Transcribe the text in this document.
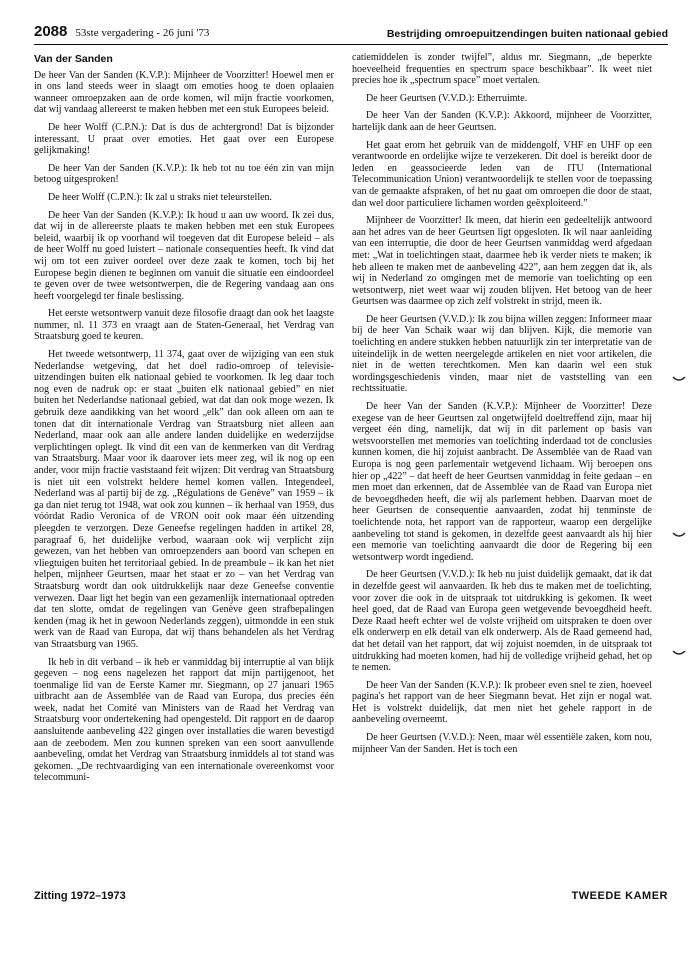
2088 53ste vergadering - 26 juni '73	Bestrijding omroepuitzendingen buiten nationaal gebied
Van der Sanden

De heer Van der Sanden (K.V.P.): Mijnheer de Voorzitter! Hoewel men er in ons land steeds weer in slaagt om emoties hoog te doen oplaaien wanneer omroepzaken aan de orde komen, wil mijn fractie voorkomen, dat wij vandaag allereerst te maken hebben met een stuk Europees beleid.

De heer Wolff (C.P.N.): Dat is dus de achtergrond! Dat is bijzonder interessant. U praat over emoties. Het gaat over een Europese gelijkmaking!

De heer Van der Sanden (K.V.P.): Ik heb tot nu toe één zin van mijn betoog uitgesproken!

De heer Wolff (C.P.N.): Ik zal u straks niet teleurstellen.

De heer Van der Sanden (K.V.P.): Ik houd u aan uw woord. Ik zei dus, dat wij in de allereerste plaats te maken hebben met een stuk Europees beleid, waarbij ik op voorhand wil toegeven dat dit Europese beleid – als de heer Wolff nu goed luistert – nationale consequenties heeft. Ik vind dat wij om tot een zuiver oordeel over deze zaak te komen, toch bij het Europese begin dienen te beginnen om vanuit die situatie een eindoordeel te geven over de twee wetsontwerpen, die de Regering vandaag aan ons heeft voorgelegd ter finale beslissing.

Het eerste wetsontwerp vanuit deze filosofie draagt dan ook het laagste nummer, nl. 11 373 en vraagt aan de Staten-Generaal, het Verdrag van Straatsburg goed te keuren.

Het tweede wetsontwerp, 11 374, gaat over de wijziging van een stuk Nederlandse wetgeving, dat het doel radio-omroep of televisie-uitzendingen buiten elk nationaal gebied te voorkomen. Ik leg daar toch nog even de nadruk op: er staat „buiten elk nationaal gebied” en niet buiten het Nederlandse nationaal gebied, wat dat dan ook moge wezen. Ik gebruik deze aandikking van het woord „elk” dan ook alleen om aan te tonen dat dit internationale Verdrag van Straatsburg niet alleen aan Nederland, maar ook aan alle andere landen duidelijke en wederzijdse verplichtingen oplegt. Ik vind dit een van de kenmerken van dit Verdrag van Straatsburg. Maar voor ik daarover iets meer zeg, wil ik nog op een ander, voor mijn fractie vaststaand feit wijzen: Dit verdrag van Straatsburg is niet uit een volstrekt heldere hemel komen vallen. Integendeel, Nederland was al partij bij de zg. „Régulations de Genève” van 1959 – ik ga dan niet terug tot 1948, wat ook zou kunnen – ik herhaal van 1959, dus vóórdat Radio Veronica of de VRON ooit ook maar één uitzending pleegden te verzorgen. Deze Geneefse regelingen hadden in artikel 28, paragraaf 6, het duidelijke verbod, waaraan ook wij verplicht zijn gewezen, van het hebben van omroepzenders aan boord van schepen en vliegtuigen buiten het territoriaal gebied. In de preambule – ik kan het niet helpen, mijnheer Geurtsen, maar het staat er zo – van het Verdrag van Straatsburg wordt dan ook uitdrukkelijk naar deze Geneefse conventie verwezen. Daar ligt het begin van een gezamenlijk internationaal optreden dat ten slotte, omdat de regelingen van Genève geen strafbepalingen kenden (mag ik het in gewoon Nederlands zeggen), uitmondde in een stuk werk van de Raad van Europa, dat wij thans behandelen als het Verdrag van Straatsburg van 1965.

Ik heb in dit verband – ik heb er vanmiddag bij interruptie al van blijk gegeven – nog eens nagelezen het rapport dat mijn partijgenoot, het toenmalige lid van de Eerste Kamer mr. Siegmann, op 27 januari 1965 uitbracht aan de Assemblée van de Raad van Europa, dus precies één week, nadat het Comité van Ministers van de Raad het Verdrag van Straatsburg voor ondertekening had opengesteld. Dit rapport en de daarop aansluitende aanbeveling 422 gingen over installaties die waren bevestigd aan de zeebodem. Men zou kunnen spreken van een soort aanvullende aanbeveling, omdat het Verdrag van Straatsburg inmiddels al tot stand was gekomen. „De rechtvaardiging van een internationale overeenkomst voor telecommuni-

catiemiddelen is zonder twijfel”, aldus mr. Siegmann, „de beperkte hoeveelheid frequenties en spectrum space beschikbaar”. Ik weet niet precies hoe ik „spectrum space” moet vertalen.

De heer Geurtsen (V.V.D.): Etherruimte.

De heer Van der Sanden (K.V.P.): Akkoord, mijnheer de Voorzitter, hartelijk dank aan de heer Geurtsen.

Het gaat erom het gebruik van de middengolf, VHF en UHF op een verantwoorde en ordelijke wijze te verzekeren. Dit doel is bereikt door de leden en geassocieerde leden van de ITU (International Telecommunication Union) verantwoordelijk te stellen voor de toepassing van de gemaakte afspraken, of het nu gaat om omroepen die door de staat, dan wel door particuliere lichamen worden geëxploiteerd.”

Mijnheer de Voorzitter! Ik meen, dat hierin een gedeeltelijk antwoord aan het adres van de heer Geurtsen ligt opgesloten. Ik wil naar aanleiding van een interruptie, die door de heer Geurtsen vanmiddag werd afgedaan met: „Wat in toelichtingen staat, daarmee heb ik verder niets te maken; ik heb alleen te maken met de aanbeveling 422”, aan hem zeggen dat ik, als wij in Nederland zo omgingen met de memorie van toelichting op een wetsontwerp, niet weet waar wij zouden blijven. Het betoog van de heer Geurtsen was daarmee op zich zelf volstrekt in strijd, meen ik.

De heer Geurtsen (V.V.D.): Ik zou bijna willen zeggen: Informeer maar bij de heer Van Schaik waar wij dan blijven. Kijk, die memorie van toelichting en andere stukken hebben natuurlijk zin ter interpretatie van de uiteindelijk in de wetten neergelegde artikelen en niet voor artikelen, die niet in de wetten terechtkomen. Men kan daarin wel een stuk wordingsgeschiedenis vinden, maar niet de vaststelling van een rechtssituatie.

De heer Van der Sanden (K.V.P.): Mijnheer de Voorzitter! Deze exegese van de heer Geurtsen zal ongetwijfeld doeltreffend zijn, maar hij vergeet één ding, namelijk, dat wij in dit parlement op basis van wetsvoorstellen met memories van toelichting inderdaad tot de conclusies kunnen komen, die hij zojuist aanbracht. De Assemblée van de Raad van Europa is nog geen parlementair wetgevend lichaam. Wij beroepen ons hier op „422” – dat heeft de heer Geurtsen vanmiddag in feite gedaan – en men moet dan erkennen, dat de Assemblée van de Raad van Europa niet de bevoegdheden heeft, die wij als parlement hebben. Daarvan moet de heer Geurtsen de consequentie aanvaarden, zodat hij tenminste de toelichtende nota, het rapport van de rapporteur, waarop een dergelijke aanbeveling tot stand is gekomen, in dezelfde geest aanvaardt als hij hier een memorie van toelichting aanvaardt die door de Regering bij een wetsontwerp wordt ingediend.

De heer Geurtsen (V.V.D.): Ik heb nu juist duidelijk gemaakt, dat ik dat in dezelfde geest wil aanvaarden. Ik heb dus te maken met de toelichting, voor zover die ook in de uitspraak tot uitdrukking is gekomen. Ik weet heel goed, dat de Raad van Europa geen wetgevende bevoegdheid heeft. Deze Raad heeft echter wel de volste vrijheid om uitspraken te doen over elk onderwerp en elk detail van elk onderwerp. Als de Raad gemeend had, dat het detail van het rapport, dat wij zojuist noemden, in de uitspraak tot uitdrukking had moeten komen, had hij de volledige vrijheid gehad, het op te nemen.

De heer Van der Sanden (K.V.P.): Ik probeer even snel te zien, hoeveel pagina's het rapport van de heer Siegmann bevat. Het zijn er nogal wat. Het is volstrekt duidelijk, dat men niet het gehele rapport in de aanbeveling overneemt.

De heer Geurtsen (V.V.D.): Neen, maar wèl essentiële zaken, kom nou, mijnheer Van der Sanden. Het is toch een

Zitting 1972–1973	TWEEDE KAMER
